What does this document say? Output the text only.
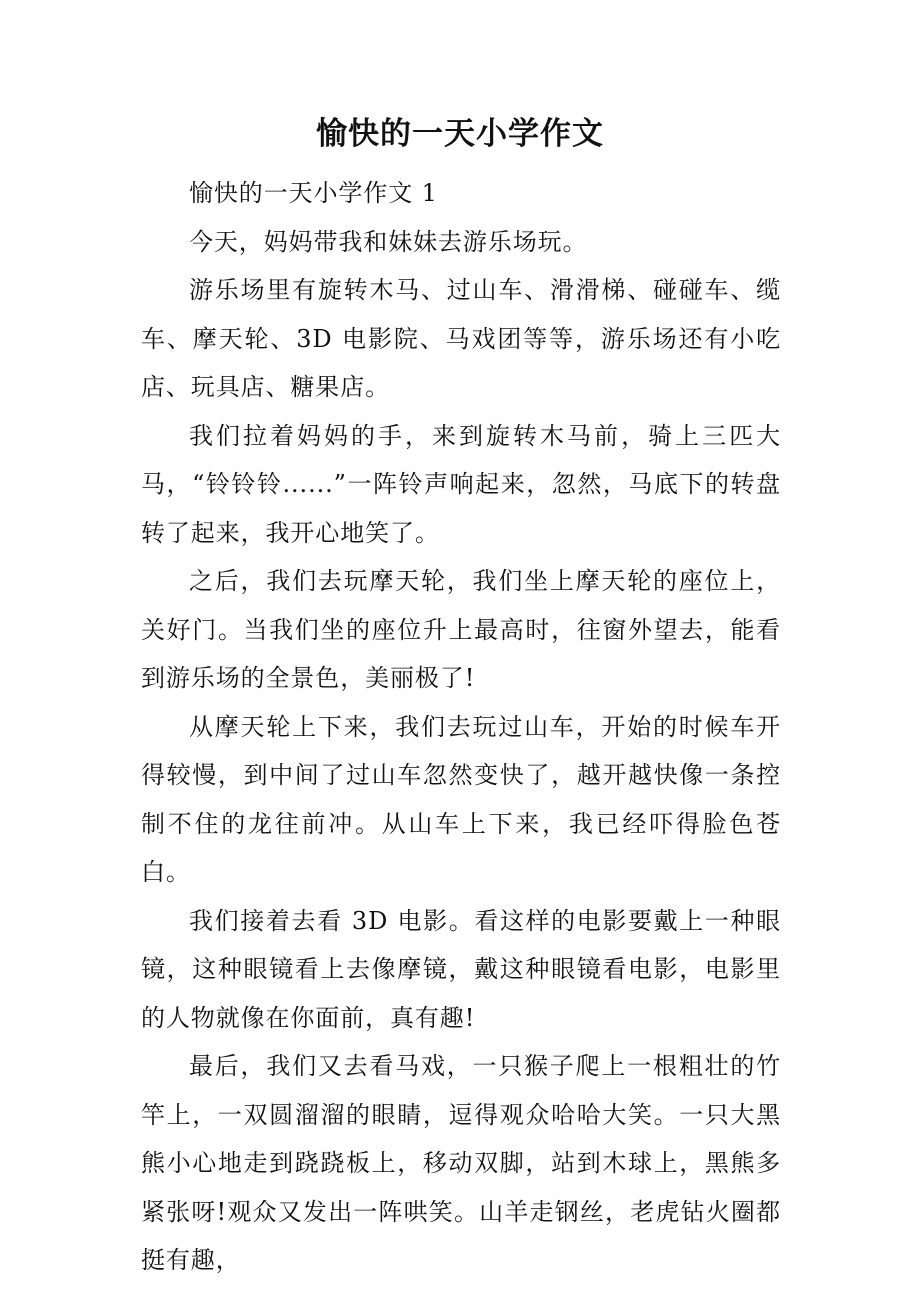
愉快的一天小学作文

愉快的一天小学作文 1

今天，妈妈带我和妹妹去游乐场玩。

游乐场里有旋转木马、过山车、滑滑梯、碰碰车、缆车、摩天轮、3D 电影院、马戏团等等，游乐场还有小吃店、玩具店、糖果店。

我们拉着妈妈的手，来到旋转木马前，骑上三匹大马，“铃铃铃......”一阵铃声响起来，忽然，马底下的转盘转了起来，我开心地笑了。

之后，我们去玩摩天轮，我们坐上摩天轮的座位上，关好门。当我们坐的座位升上最高时，往窗外望去，能看到游乐场的全景色，美丽极了!

从摩天轮上下来，我们去玩过山车，开始的时候车开得较慢，到中间了过山车忽然变快了，越开越快像一条控制不住的龙往前冲。从山车上下来，我已经吓得脸色苍白。

我们接着去看 3D 电影。看这样的电影要戴上一种眼镜，这种眼镜看上去像摩镜，戴这种眼镜看电影，电影里的人物就像在你面前，真有趣!

最后，我们又去看马戏，一只猴子爬上一根粗壮的竹竿上，一双圆溜溜的眼睛，逗得观众哈哈大笑。一只大黑熊小心地走到跷跷板上，移动双脚，站到木球上，黑熊多紧张呀!观众又发出一阵哄笑。山羊走钢丝，老虎钻火圈都挺有趣，
